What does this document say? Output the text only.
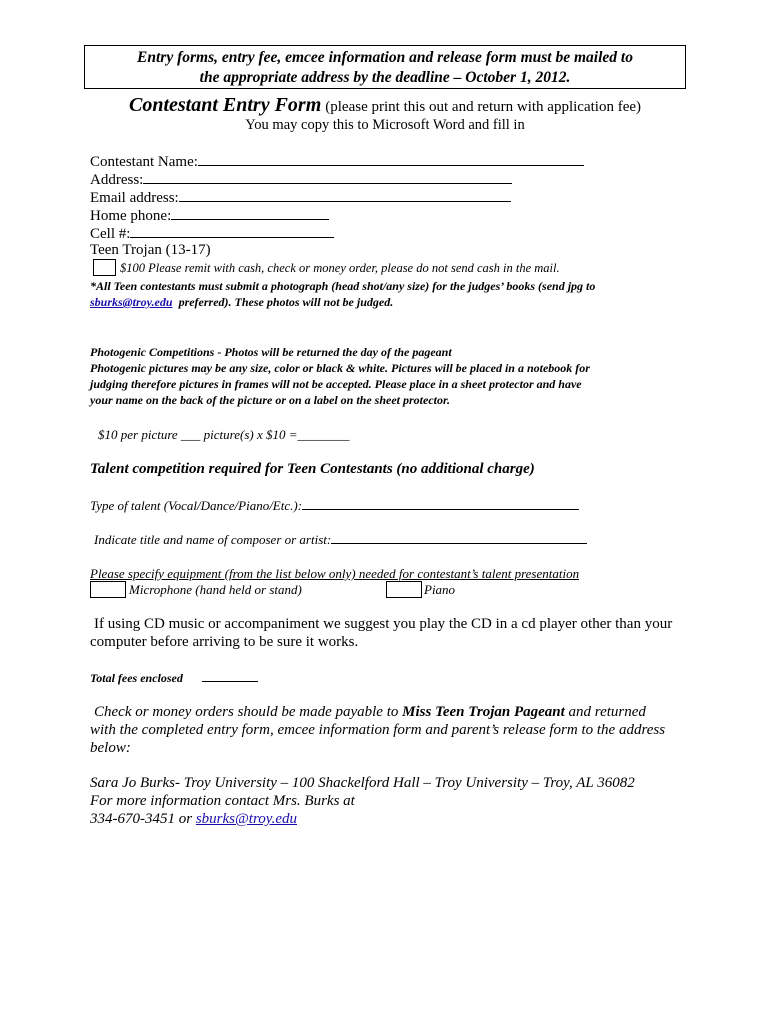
Entry forms, entry fee, emcee information and release form must be mailed to
the appropriate address by the deadline – October 1, 2012.
Contestant Entry Form (please print this out and return with application fee)
You may copy this to Microsoft Word and fill in
Contestant Name:
Address:
Email address:
Home phone:
Cell #:
Teen Trojan (13-17)
$100 Please remit with cash, check or money order, please do not send cash in the mail.
*All Teen contestants must submit a photograph (head shot/any size) for the judges’ books (send jpg to
sburks@troy.edu preferred). These photos will not be judged.
Photogenic Competitions - Photos will be returned the day of the pageant
Photogenic pictures may be any size, color or black & white. Pictures will be placed in a notebook for
judging therefore pictures in frames will not be accepted. Please place in a sheet protector and have
your name on the back of the picture or on a label on the sheet protector.
$10 per picture ___ picture(s) x $10 =________
Talent competition required for Teen Contestants (no additional charge)
Type of talent (Vocal/Dance/Piano/Etc.):
Indicate title and name of composer or artist:
Please specify equipment (from the list below only) needed for contestant’s talent presentation
Microphone (hand held or stand)	Piano
If using CD music or accompaniment we suggest you play the CD in a cd player other than your
computer before arriving to be sure it works.
Total fees enclosed
Check or money orders should be made payable to Miss Teen Trojan Pageant and returned
with the completed entry form, emcee information form and parent’s release form to the address
below:
Sara Jo Burks- Troy University – 100 Shackelford Hall – Troy University – Troy, AL 36082
For more information contact Mrs. Burks at
334-670-3451 or sburks@troy.edu
